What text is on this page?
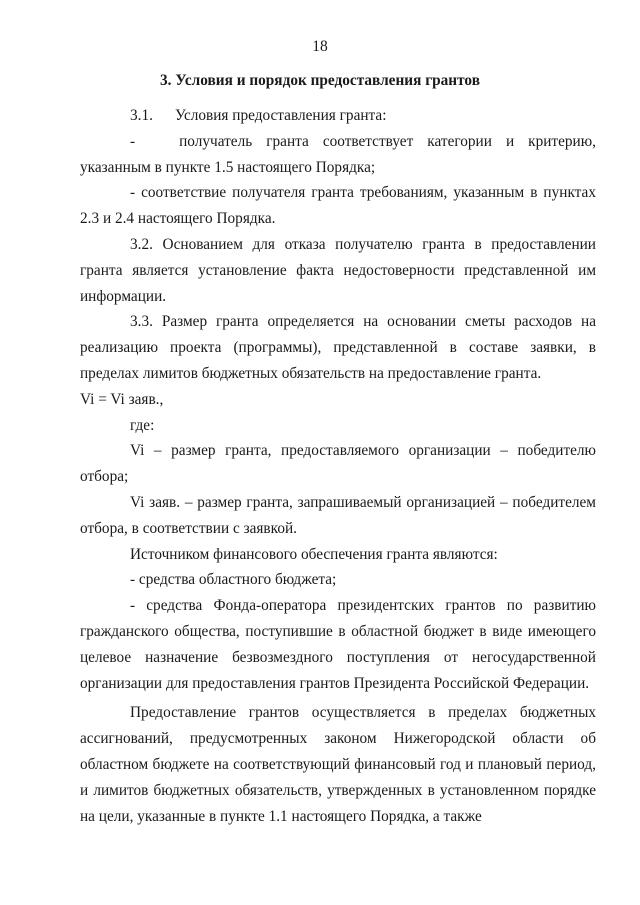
18
3. Условия и порядок предоставления грантов

3.1. Условия предоставления гранта:

-	получатель гранта соответствует категории и критерию,

указанным в пункте 1.5 настоящего Порядка;

- соответствие получателя гранта требованиям, указанным в пунктах 2.3 и 2.4 настоящего Порядка.

3.2. Основанием для отказа получателю гранта в предоставлении гранта является установление факта недостоверности представленной им информации.

3.3. Размер гранта определяется на основании сметы расходов на реализацию проекта (программы), представленной в составе заявки, в пределах лимитов бюджетных обязательств на предоставление гранта.

Vi = Vi заяв.,

где:

Vi – размер гранта, предоставляемого организации – победителю отбора;

Vi заяв. – размер гранта, запрашиваемый организацией – победителем отбора, в соответствии с заявкой.

Источником финансового обеспечения гранта являются:

- средства областного бюджета;

- средства Фонда-оператора президентских грантов по развитию гражданского общества, поступившие в областной бюджет в виде имеющего целевое назначение безвозмездного поступления от негосударственной организации для предоставления грантов Президента Российской Федерации.

Предоставление грантов осуществляется в пределах бюджетных ассигнований, предусмотренных законом Нижегородской области об областном бюджете на соответствующий финансовый год и плановый период, и лимитов бюджетных обязательств, утвержденных в установленном порядке на цели, указанные в пункте 1.1 настоящего Порядка, а также
